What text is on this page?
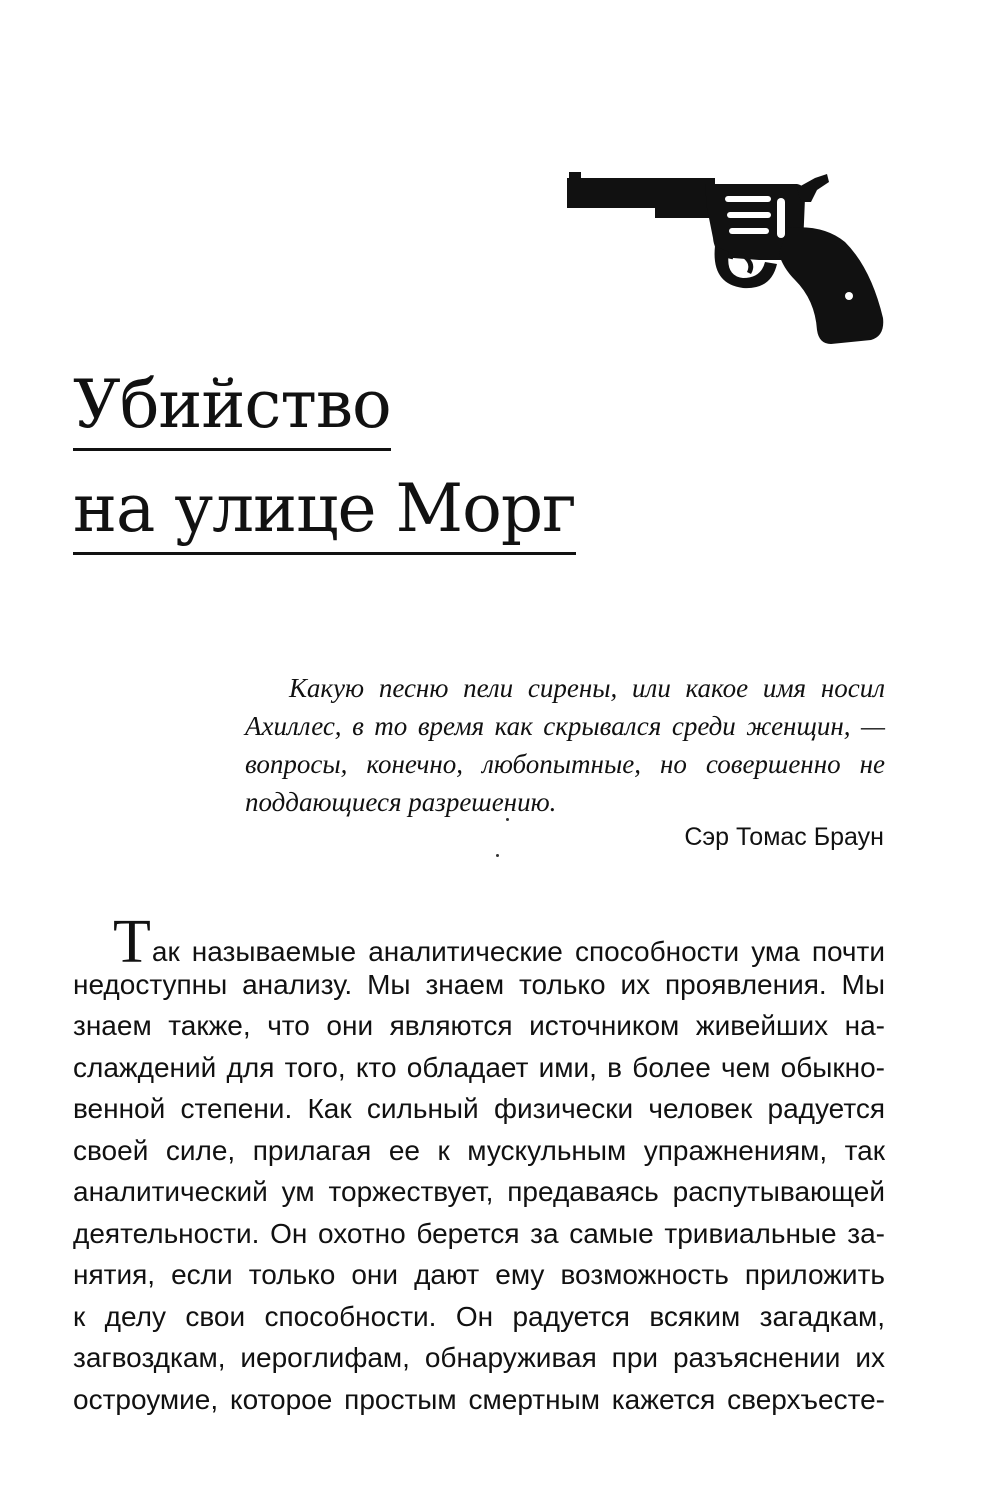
Убийство
на улице Морг
Какую песню пели сирены, или какое имя носил Ахиллес, в то время как скрывался среди женщин, — вопросы, конечно, любопытные, но совершенно не поддающиеся разрешению.
Сэр Томас Браун
Так называемые аналитические способности ума почти
недоступны анализу. Мы знаем только их проявления. Мы
знаем также, что они являются источником живейших на-
слаждений для того, кто обладает ими, в более чем обыкно-
венной степени. Как сильный физически человек радуется
своей силе, прилагая ее к мускульным упражнениям, так
аналитический ум торжествует, предаваясь распутывающей
деятельности. Он охотно берется за самые тривиальные за-
нятия, если только они дают ему возможность приложить
к делу свои способности. Он радуется всяким загадкам,
загвоздкам, иероглифам, обнаруживая при разъяснении их
остроумие, которое простым смертным кажется сверхъесте-
